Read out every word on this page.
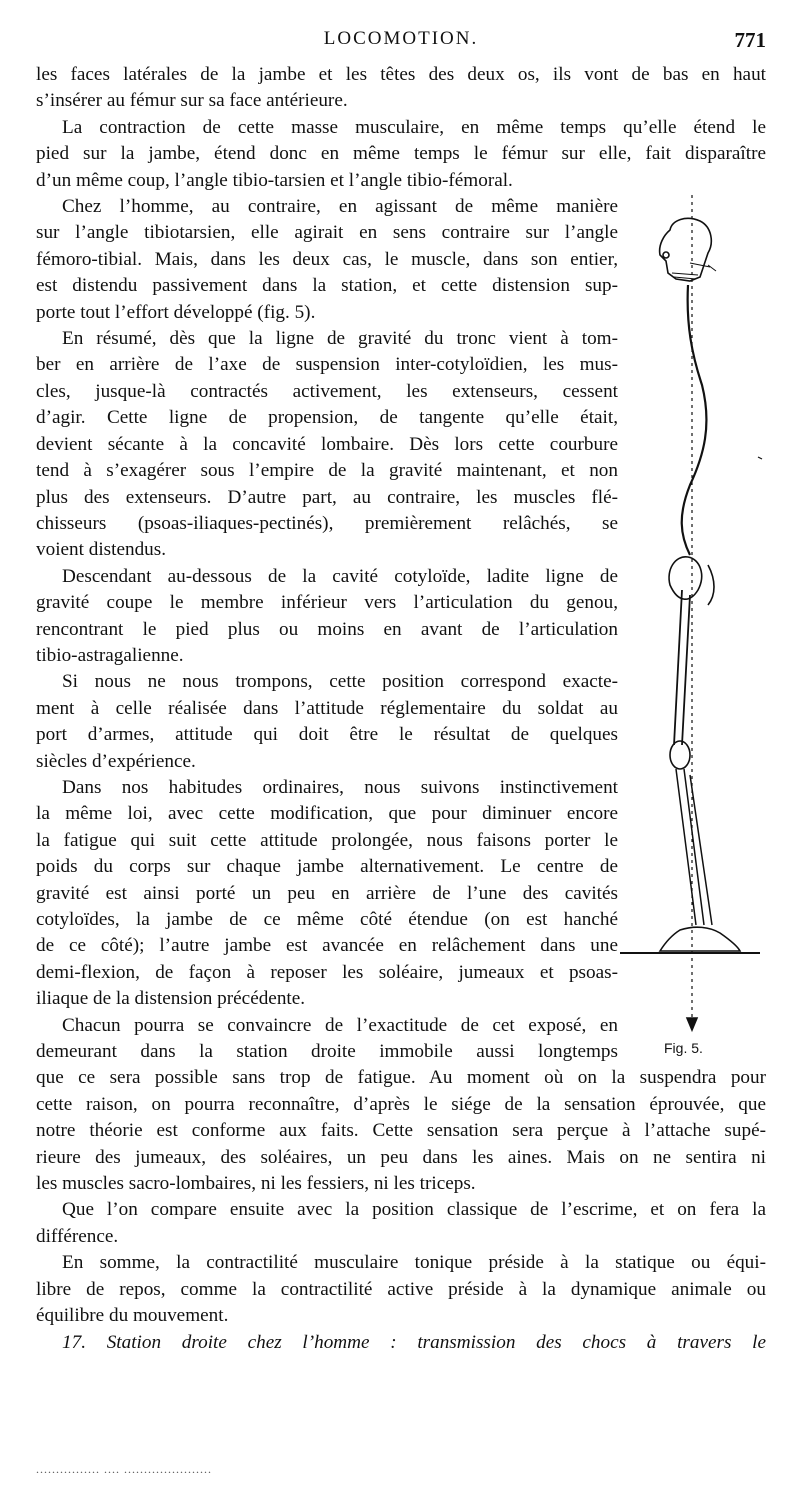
LOCOMOTION.	771

les faces latérales de la jambe et les têtes des deux os, ils vont de bas en haut
s’insérer au fémur sur sa face antérieure.

La contraction de cette masse musculaire, en même temps qu’elle étend le
pied sur la jambe, étend donc en même temps le fémur sur elle, fait disparaître
d’un même coup, l’angle tibio-tarsien et l’angle tibio-fémoral.

Chez l’homme, au contraire, en agissant de même manière
sur l’angle tibiotarsien, elle agirait en sens contraire sur l’angle
fémoro-tibial. Mais, dans les deux cas, le muscle, dans son entier,
est distendu passivement dans la station, et cette distension sup-
porte tout l’effort développé (fig. 5).

En résumé, dès que la ligne de gravité du tronc vient à tom-
ber en arrière de l’axe de suspension inter-cotyloïdien, les mus-
cles, jusque-là contractés activement, les extenseurs, cessent
d’agir. Cette ligne de propension, de tangente qu’elle était,
devient sécante à la concavité lombaire. Dès lors cette courbure
tend à s’exagérer sous l’empire de la gravité maintenant, et non
plus des extenseurs. D’autre part, au contraire, les muscles flé-
chisseurs (psoas-iliaques-pectinés), premièrement relâchés, se
voient distendus.

Descendant au-dessous de la cavité cotyloïde, ladite ligne de
gravité coupe le membre inférieur vers l’articulation du genou,
rencontrant le pied plus ou moins en avant de l’articulation
tibio-astragalienne.

Si nous ne nous trompons, cette position correspond exacte-
ment à celle réalisée dans l’attitude réglementaire du soldat au
port d’armes, attitude qui doit être le résultat de quelques
siècles d’expérience.

Dans nos habitudes ordinaires, nous suivons instinctivement
la même loi, avec cette modification, que pour diminuer encore
la fatigue qui suit cette attitude prolongée, nous faisons porter le
poids du corps sur chaque jambe alternativement. Le centre de
gravité est ainsi porté un peu en arrière de l’une des cavités
cotyloïdes, la jambe de ce même côté étendue (on est hanché
de ce côté); l’autre jambe est avancée en relâchement dans une
demi-flexion, de façon à reposer les soléaire, jumeaux et psoas-
iliaque de la distension précédente.

Chacun pourra se convaincre de l’exactitude de cet exposé, en
demeurant dans la station droite immobile aussi longtemps

que ce sera possible sans trop de fatigue. Au moment où on la suspendra pour
cette raison, on pourra reconnaître, d’après le siége de la sensation éprouvée, que
notre théorie est conforme aux faits. Cette sensation sera perçue à l’attache supé-
rieure des jumeaux, des soléaires, un peu dans les aines. Mais on ne sentira ni
les muscles sacro-lombaires, ni les fessiers, ni les triceps.

Que l’on compare ensuite avec la position classique de l’escrime, et on fera la
différence.

En somme, la contractilité musculaire tonique préside à la statique ou équi-
libre de repos, comme la contractilité active préside à la dynamique animale ou
équilibre du mouvement.

17. Station droite chez l’homme : transmission des chocs à travers le

Fig. 5.
................ .... ......................
